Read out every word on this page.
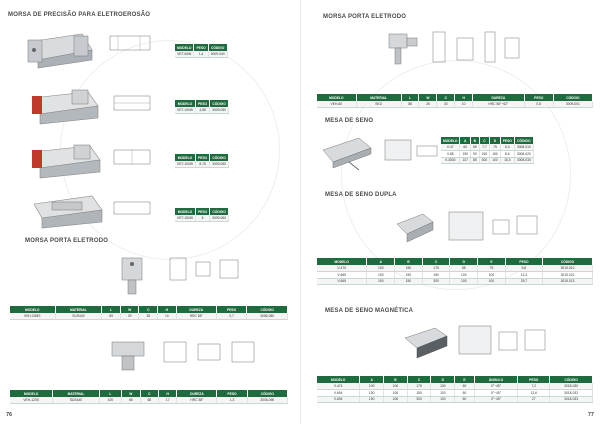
MORSA DE PRECISÃO PARA ELETROEROSÃO
MODELO	PESO	CÓDIGO
VET-60W	1,4	3009-040
MODELO	PESO	CÓDIGO
VET-100W	4,88	3009-050
MODELO	PESO	CÓDIGO
VET-100W	8,78	3009-050
MODELO	PESO	CÓDIGO
VET-150W	8	3009-060
MORSA PORTA ELETRODO
MODELO	MATERIAL	L	W	C	H	DUREZA	PESO	CÓDIGO
VEH-20MS	SUS440	89	29	28	10	HRC 58°	0,7	3006-080
MODELO	MATERIAL	L	W	C	H	DUREZA	PESO	CÓDIGO
VEH-120S	SUS440	100	65	68	17	HRC 58°	1,3	3006-090
76
MORSA PORTA ELETRODO
MODELO	MATERIAL	L	W	C	H	DUREZA	PESO	CÓDIGO
VEH-60	SKD	88	25	30	10	HRC 58°~62°	0,8	3009-001
MESA DE SENO
MODELO	A	B	C	D	PESO	CÓDIGO
V-47	60	65	7,7	75	6,4	3008-010
V-88	150	90	150	150	8,6	3008-020
V-3530	107	85	300	100	15,3	3008-030
MESA DE SENO DUPLA
MODELO	A	B	C	D	E	PESO	CÓDIGO
V-470	100	150	175	55	75	6,8	3015-010
V-665	150	150	150	100	100	12,4	3015-021
V-665	150	150	300	100	100	25,7	3015-013
MESA DE SENO MAGNÉTICA
MODELO	A	B	C	D	E	ÂNGULO	PESO	CÓDIGO
V-474	100	106	175	100	60	0°~45°	7,2	3018-030
V-694	150	106	150	100	60	0°~45°	13,6	3018-032
V-694	150	106	300	100	60	0°~45°	27	3018-033
77
